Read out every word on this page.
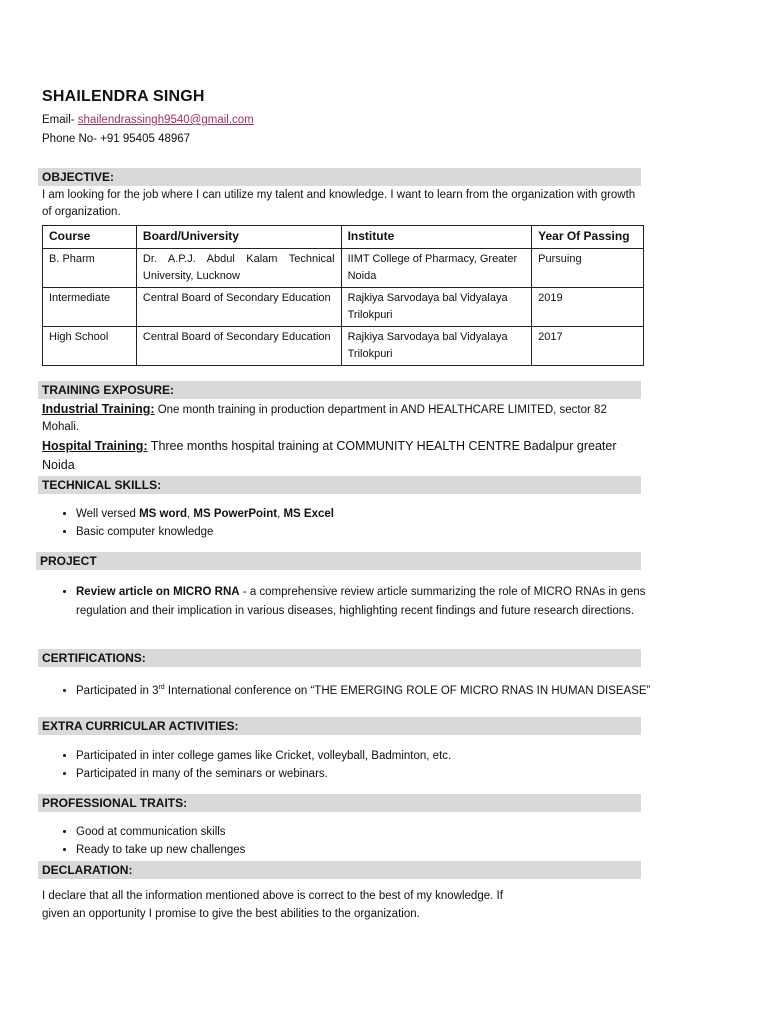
SHAILENDRA SINGH
Email- shailendrassingh9540@gmail.com
Phone No- +91 95405 48967
OBJECTIVE:
I am looking for the job where I can utilize my talent and knowledge. I want to learn from the organization with growth of organization.
Course	Board/University	Institute	Year Of Passing
B. Pharm	Dr. A.P.J. Abdul Kalam Technical University, Lucknow	IIMT College of Pharmacy, Greater Noida	Pursuing
Intermediate	Central Board of Secondary Education	Rajkiya Sarvodaya bal Vidyalaya Trilokpuri	2019
High School	Central Board of Secondary Education	Rajkiya Sarvodaya bal Vidyalaya Trilokpuri	2017
TRAINING EXPOSURE:
Industrial Training: One month training in production department in AND HEALTHCARE LIMITED, sector 82 Mohali.
Hospital Training: Three months hospital training at COMMUNITY HEALTH CENTRE Badalpur greater Noida
TECHNICAL SKILLS:
• Well versed MS word, MS PowerPoint, MS Excel
• Basic computer knowledge
PROJECT
• Review article on MICRO RNA - a comprehensive review article summarizing the role of MICRO RNAs in gens regulation and their implication in various diseases, highlighting recent findings and future research directions.
CERTIFICATIONS:
• Participated in 3rd International conference on “THE EMERGING ROLE OF MICRO RNAS IN HUMAN DISEASE”
EXTRA CURRICULAR ACTIVITIES:
• Participated in inter college games like Cricket, volleyball, Badminton, etc.
• Participated in many of the seminars or webinars.
PROFESSIONAL TRAITS:
• Good at communication skills
• Ready to take up new challenges
DECLARATION:
I declare that all the information mentioned above is correct to the best of my knowledge. If
given an opportunity I promise to give the best abilities to the organization.
